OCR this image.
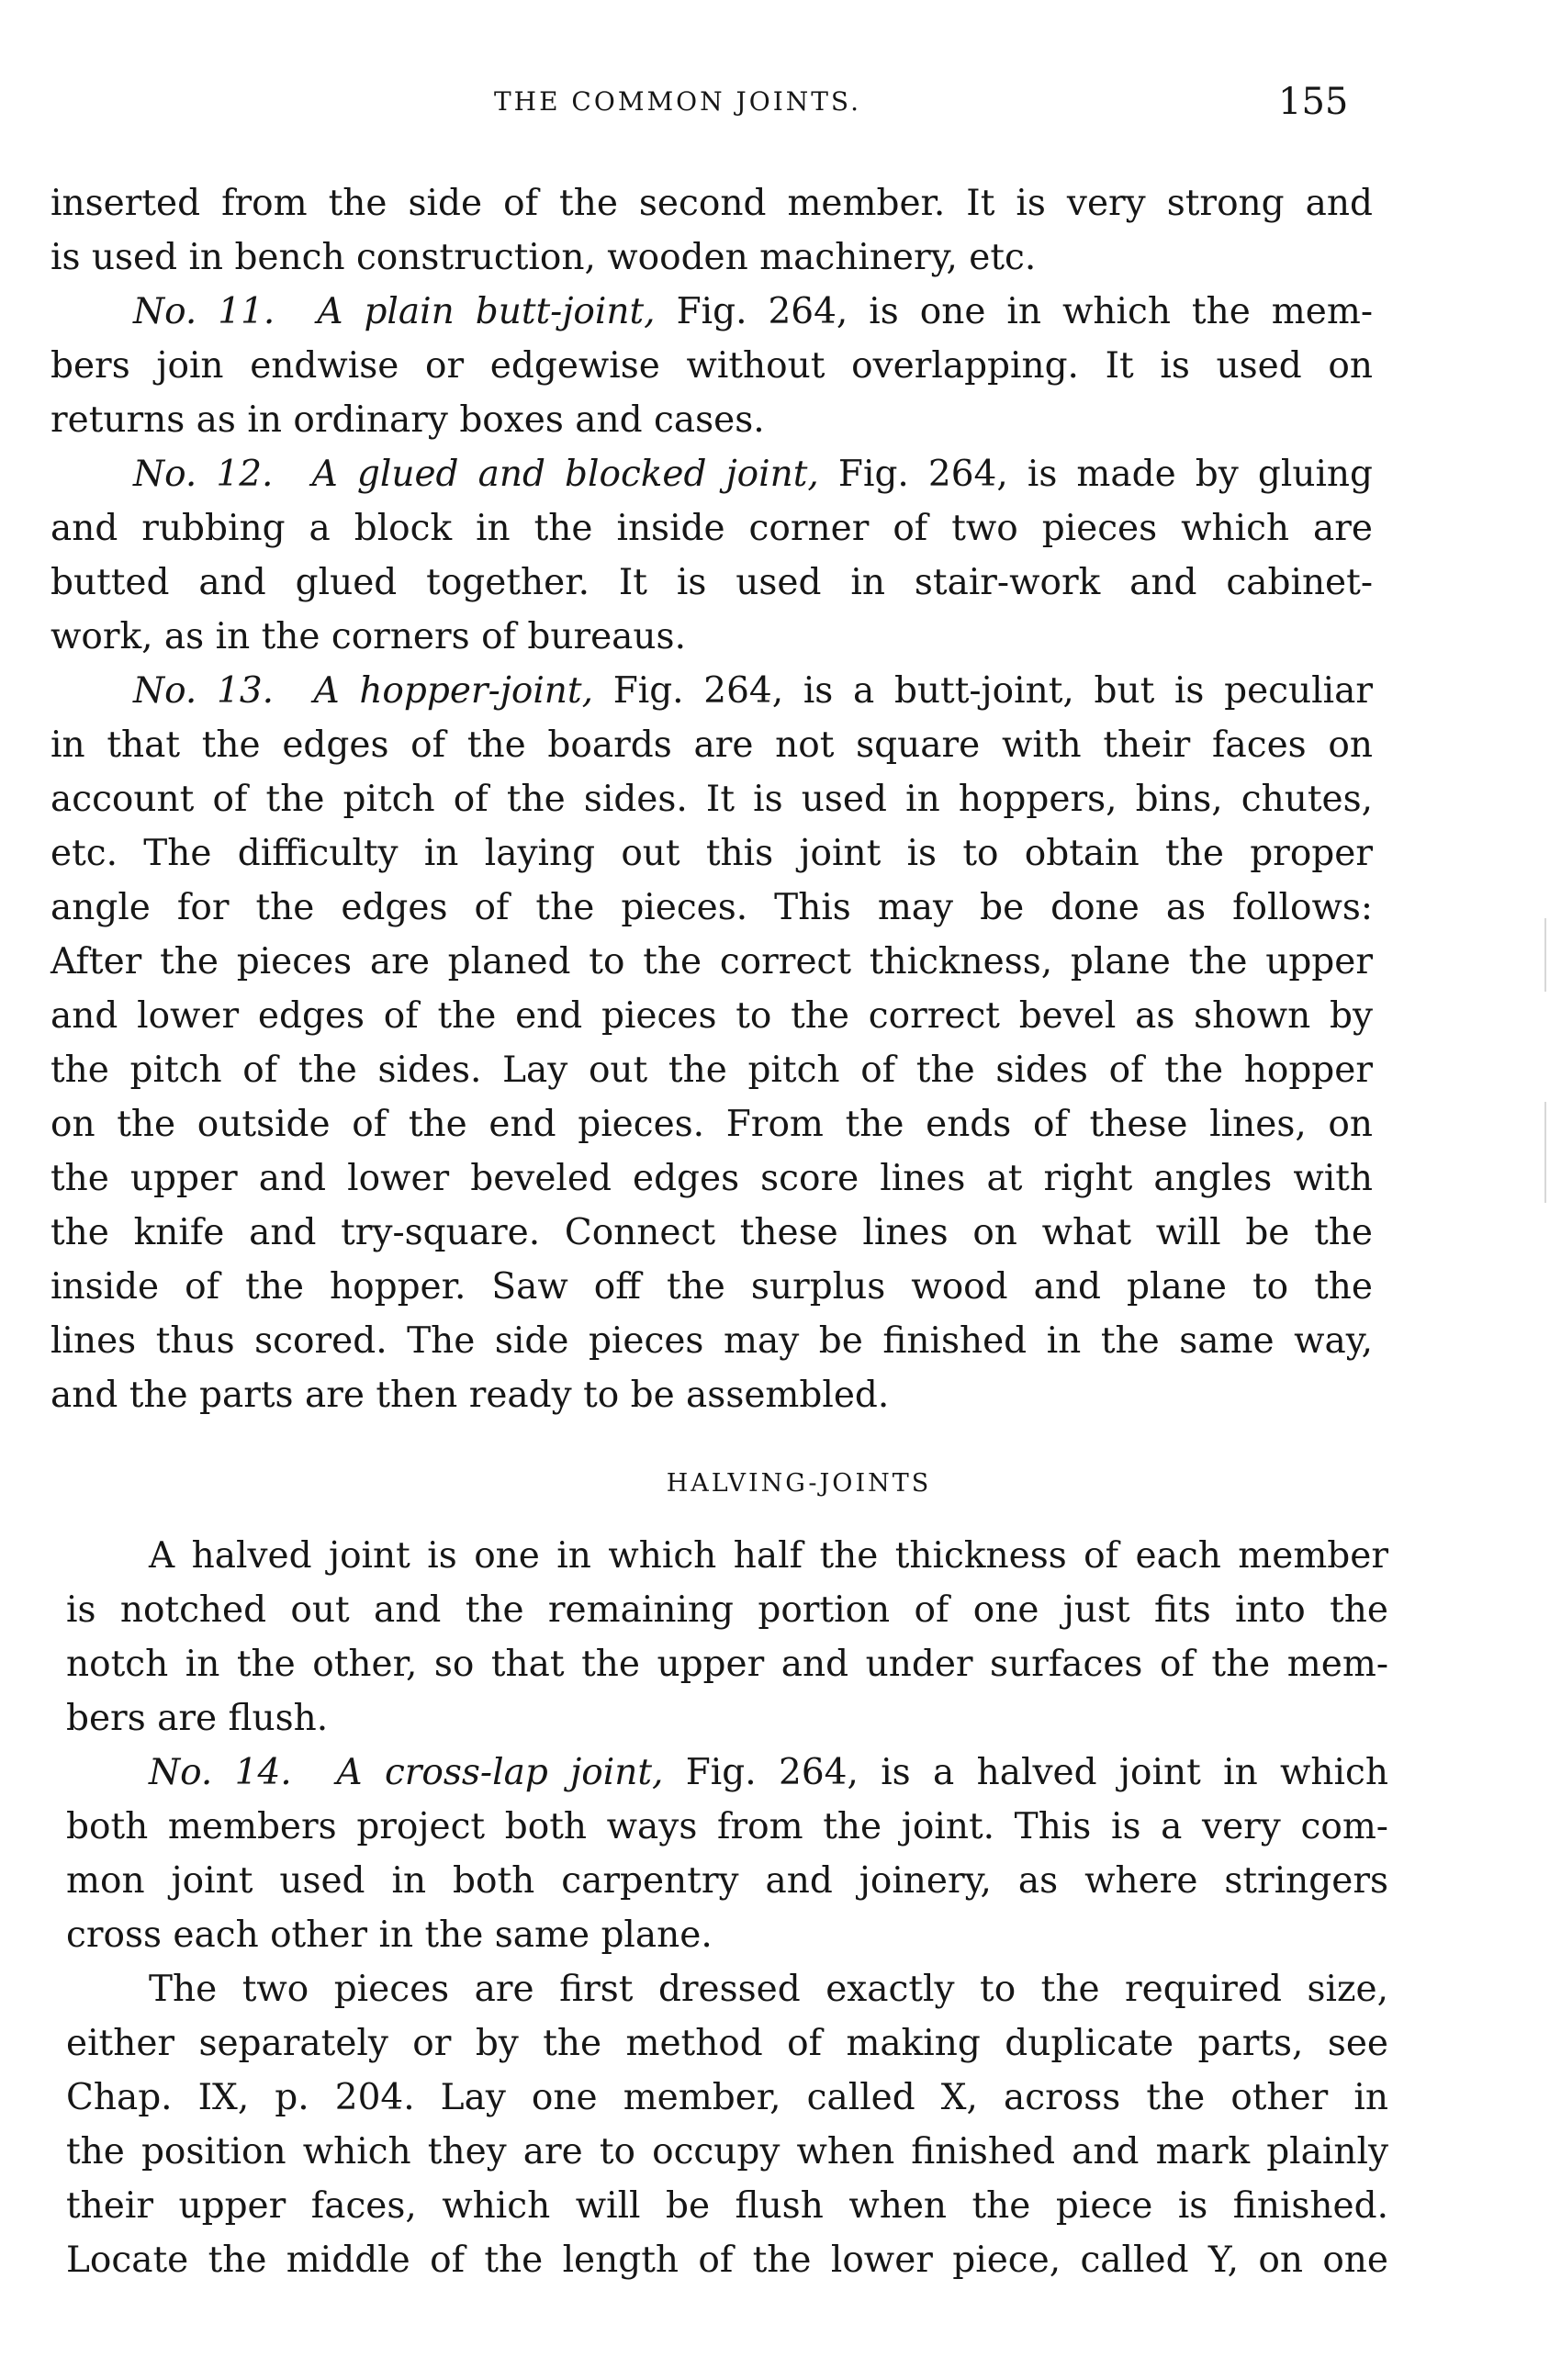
THE COMMON JOINTS.	155
inserted from the side of the second member. It is very strong and
is used in bench construction, wooden machinery, etc.
No. 11. A plain butt-joint, Fig. 264, is one in which the mem-
bers join endwise or edgewise without overlapping. It is used on
returns as in ordinary boxes and cases.
No. 12. A glued and blocked joint, Fig. 264, is made by gluing
and rubbing a block in the inside corner of two pieces which are
butted and glued together. It is used in stair-work and cabinet-
work, as in the corners of bureaus.
No. 13. A hopper-joint, Fig. 264, is a butt-joint, but is peculiar
in that the edges of the boards are not square with their faces on
account of the pitch of the sides. It is used in hoppers, bins, chutes,
etc. The difficulty in laying out this joint is to obtain the proper
angle for the edges of the pieces. This may be done as follows:
After the pieces are planed to the correct thickness, plane the upper
and lower edges of the end pieces to the correct bevel as shown by
the pitch of the sides. Lay out the pitch of the sides of the hopper
on the outside of the end pieces. From the ends of these lines, on
the upper and lower beveled edges score lines at right angles with
the knife and try-square. Connect these lines on what will be the
inside of the hopper. Saw off the surplus wood and plane to the
lines thus scored. The side pieces may be finished in the same way,
and the parts are then ready to be assembled.
HALVING-JOINTS
A halved joint is one in which half the thickness of each member
is notched out and the remaining portion of one just fits into the
notch in the other, so that the upper and under surfaces of the mem-
bers are flush.
No. 14. A cross-lap joint, Fig. 264, is a halved joint in which
both members project both ways from the joint. This is a very com-
mon joint used in both carpentry and joinery, as where stringers
cross each other in the same plane.
The two pieces are first dressed exactly to the required size,
either separately or by the method of making duplicate parts, see
Chap. IX, p. 204. Lay one member, called X, across the other in
the position which they are to occupy when finished and mark plainly
their upper faces, which will be flush when the piece is finished.
Locate the middle of the length of the lower piece, called Y, on one
